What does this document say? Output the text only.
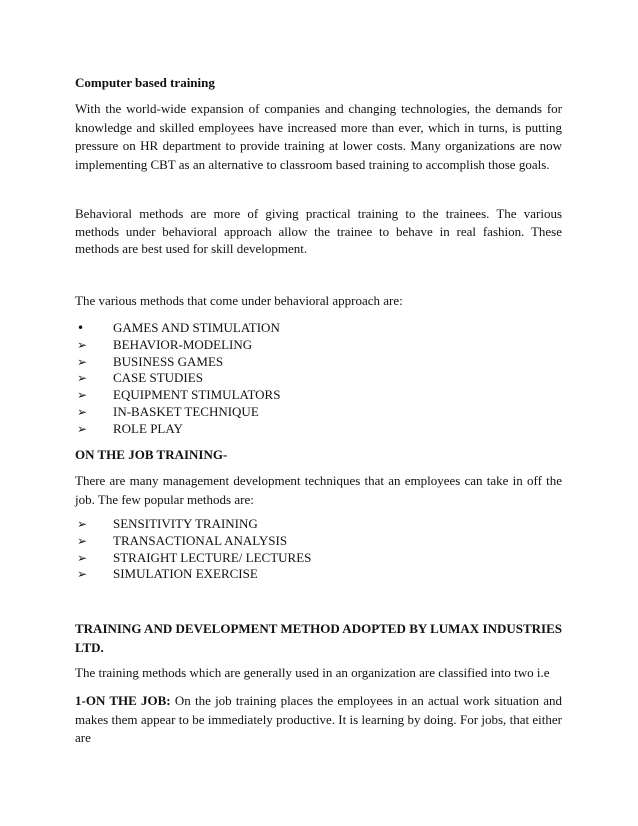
Computer based training
With the world-wide expansion of companies and changing technologies, the demands for knowledge and skilled employees have increased more than ever, which in turns, is putting pressure on HR department to provide training at lower costs. Many organizations are now implementing CBT as an alternative to classroom based training to accomplish those goals.
Behavioral methods are more of giving practical training to the trainees. The various methods under behavioral approach allow the trainee to behave in real fashion. These methods are best used for skill development.
The various methods that come under behavioral approach are:
•	GAMES AND STIMULATION
➢	BEHAVIOR-MODELING
➢	BUSINESS GAMES
➢	CASE STUDIES
➢	EQUIPMENT STIMULATORS
➢	IN-BASKET TECHNIQUE
➢	ROLE PLAY
ON THE JOB TRAINING-
There are many management development techniques that an employees can take in off the job. The few popular methods are:
➢	SENSITIVITY TRAINING
➢	TRANSACTIONAL ANALYSIS
➢	STRAIGHT LECTURE/ LECTURES
➢	SIMULATION EXERCISE
TRAINING AND DEVELOPMENT METHOD ADOPTED BY LUMAX INDUSTRIES LTD.
The training methods which are generally used in an organization are classified into two i.e
1-ON THE JOB: On the job training places the employees in an actual work situation and makes them appear to be immediately productive. It is learning by doing. For jobs, that either are
